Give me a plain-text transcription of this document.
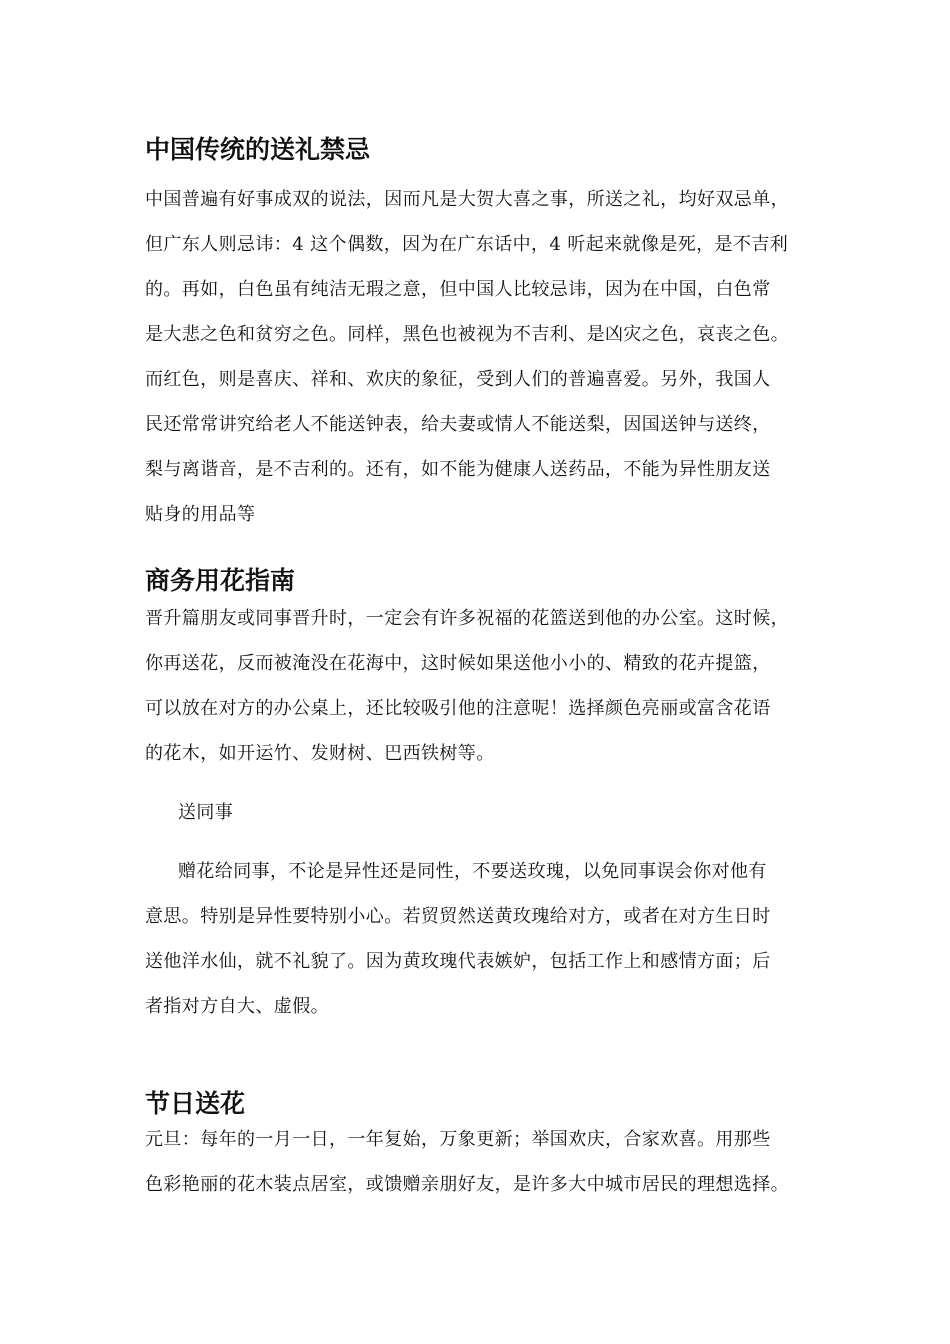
中国传统的送礼禁忌
中国普遍有好事成双的说法，因而凡是大贺大喜之事，所送之礼，均好双忌单，
但广东人则忌讳：4 这个偶数，因为在广东话中，4 听起来就像是死，是不吉利
的。再如，白色虽有纯洁无瑕之意，但中国人比较忌讳，因为在中国，白色常
是大悲之色和贫穷之色。同样，黑色也被视为不吉利、是凶灾之色，哀丧之色。
而红色，则是喜庆、祥和、欢庆的象征，受到人们的普遍喜爱。另外，我国人
民还常常讲究给老人不能送钟表，给夫妻或情人不能送梨，因国送钟与送终，
梨与离谐音，是不吉利的。还有，如不能为健康人送药品，不能为异性朋友送
贴身的用品等
商务用花指南
晋升篇朋友或同事晋升时，一定会有许多祝福的花篮送到他的办公室。这时候，
你再送花，反而被淹没在花海中，这时候如果送他小小的、精致的花卉提篮，
可以放在对方的办公桌上，还比较吸引他的注意呢！选择颜色亮丽或富含花语
的花木，如开运竹、发财树、巴西铁树等。
送同事
赠花给同事，不论是异性还是同性，不要送玫瑰，以免同事误会你对他有
意思。特别是异性要特别小心。若贸贸然送黄玫瑰给对方，或者在对方生日时
送他洋水仙，就不礼貌了。因为黄玫瑰代表嫉妒，包括工作上和感情方面；后
者指对方自大、虚假。
节日送花
元旦：每年的一月一日，一年复始，万象更新；举国欢庆，合家欢喜。用那些
色彩艳丽的花木装点居室，或馈赠亲朋好友，是许多大中城市居民的理想选择。
